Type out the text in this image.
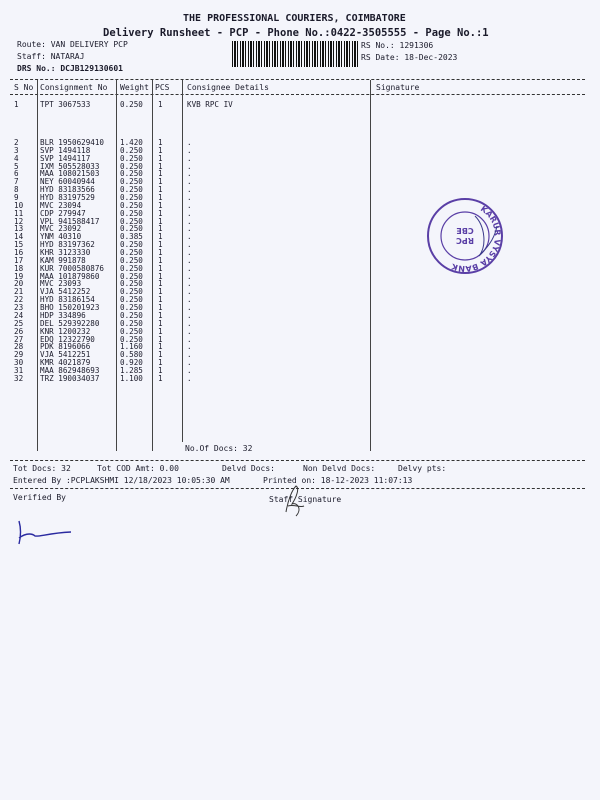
THE PROFESSIONAL COURIERS, COIMBATORE
Delivery Runsheet - PCP - Phone No.:0422-3505555 - Page No.:1
Route: VAN DELIVERY PCP
Staff: NATARAJ
DRS No.: DCJB129130601
RS No.: 1291306
RS Date: 18-Dec-2023
S No Consignment No Weight PCS Consignee Details	Signature
1	TPT 3067533	0.250 1	KVB RPC IV
2	BLR 1950629410 1.420 1	.
3	SVP 1494118	0.250 1	.
4	SVP 1494117	0.250 1	.
5	IXM 505528033	0.250 1	.
6	MAA 108021503	0.250 1	.
7	NEY 60040944	0.250 1	.
8	HYD 83183566	0.250 1	.
9	HYD 83197529	0.250 1	.
10 MVC 23094	0.250 1	.
11 CDP 279947	0.250 1	.
12 VPL 941588417	0.250 1	.
13 MVC 23092	0.250 1	.
14 YNM 40310	0.385 1	.
15 HYD 83197362	0.250 1	.
16 KHR 3123330	0.250 1	.
17 KAM 991878	0.250 1	.
18 KUR 7000580876 0.250 1	.
19 MAA 101879860	0.250 1	.
20 MVC 23093	0.250 1	.
21 VJA 5412252	0.250 1	.
22 HYD 83186154	0.250 1	.
23 BHO 150201923	0.250 1	.
24 HDP 334896	0.250 1	.
25 DEL 529392280	0.250 1	.
26 KNR 1200232	0.250 1	.
27 EDQ 12322790	0.250 1	.
28 PDK 8196066	1.160 1	.
29 VJA 5412251	0.580 1	.
30 KMR 4021879	0.920 1	.
31 MAA 862948693	1.285 1	.
32 TRZ 190034037	1.100 1	.
No.Of Docs: 32
Tot Docs: 32	Tot COD Amt: 0.00	Delvd Docs:	Non Delvd Docs:	Delvy pts:
Entered By :PCPLAKSHMI 12/18/2023 10:05:30 AM	Printed on: 18-12-2023 11:07:13
Verified By	Staff Signature
KARUR VYSYA BANK
RPC
CBE
